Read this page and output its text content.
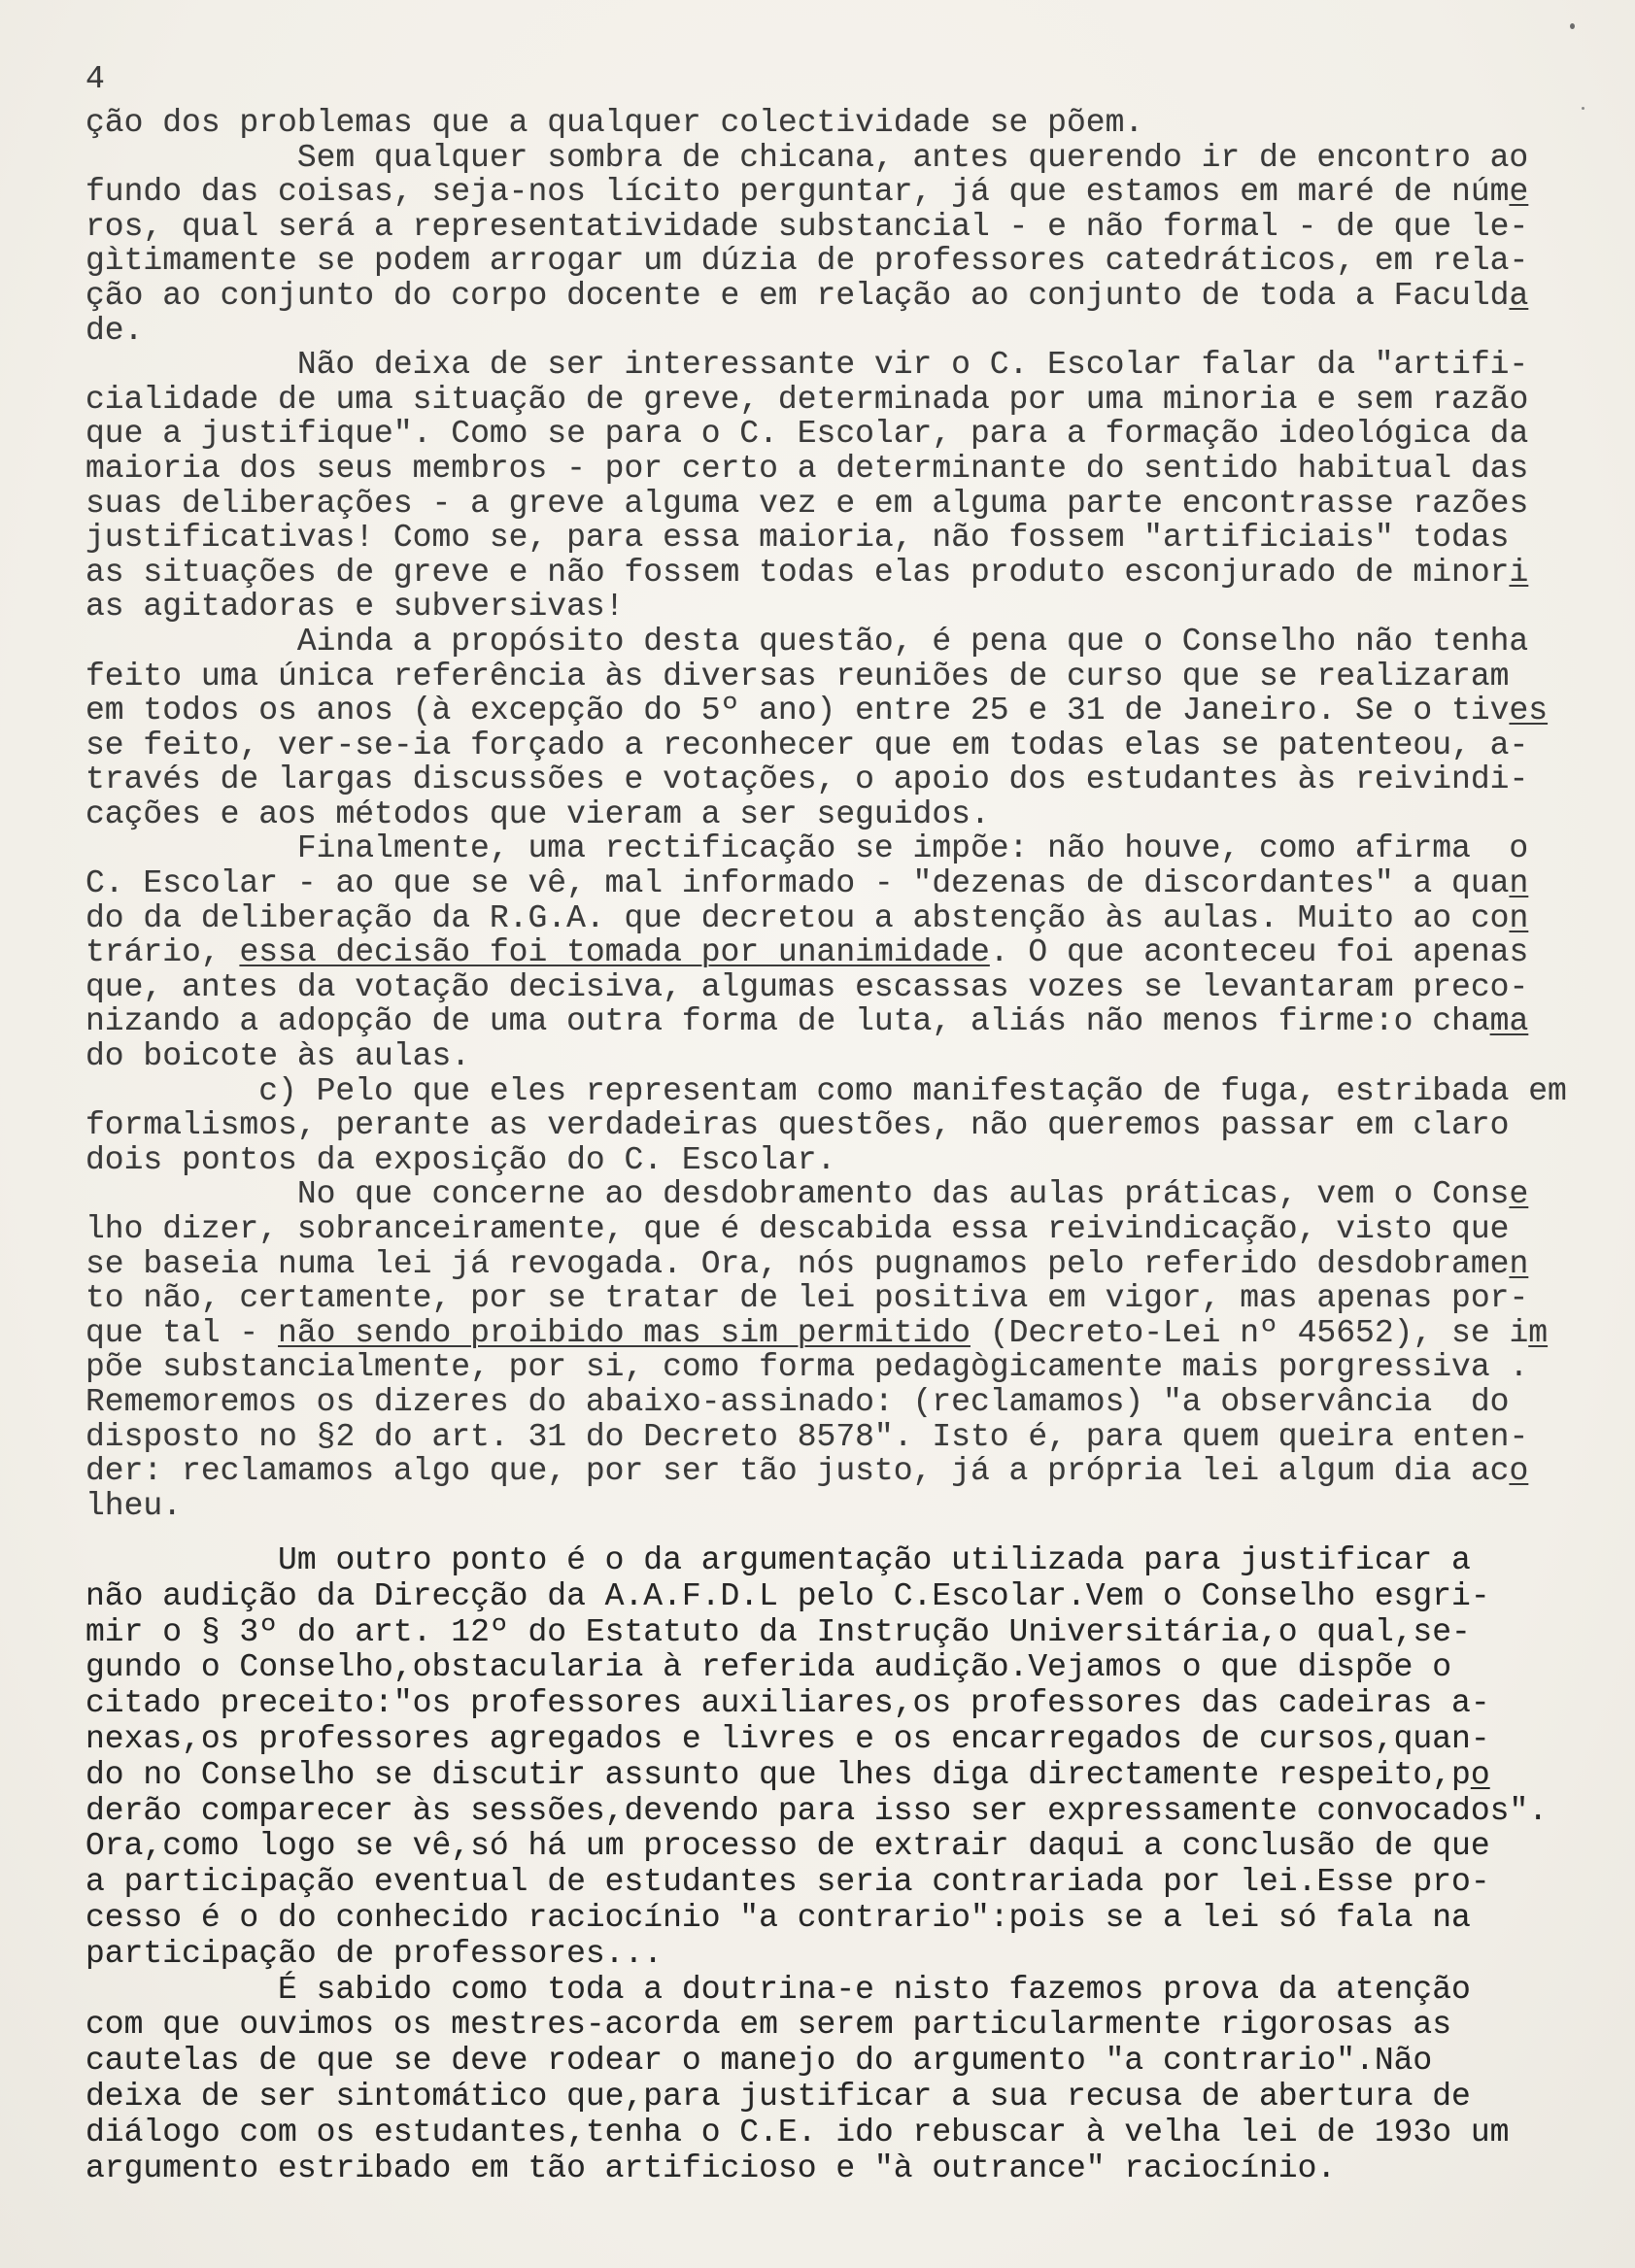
4
ção dos problemas que a qualquer colectividade se põem.
Sem qualquer sombra de chicana, antes querendo ir de encontro ao
fundo das coisas, seja-nos lícito perguntar, já que estamos em maré de núme
ros, qual será a representatividade substancial - e não formal - de que le-
gìtimamente se podem arrogar um dúzia de professores catedráticos, em rela-
ção ao conjunto do corpo docente e em relação ao conjunto de toda a Faculda
de.
Não deixa de ser interessante vir o C. Escolar falar da "artifi-
cialidade de uma situação de greve, determinada por uma minoria e sem razão
que a justifique". Como se para o C. Escolar, para a formação ideológica da
maioria dos seus membros - por certo a determinante do sentido habitual das
suas deliberações - a greve alguma vez e em alguma parte encontrasse razões
justificativas! Como se, para essa maioria, não fossem "artificiais" todas
as situações de greve e não fossem todas elas produto esconjurado de minori
as agitadoras e subversivas!
Ainda a propósito desta questão, é pena que o Conselho não tenha
feito uma única referência às diversas reuniões de curso que se realizaram
em todos os anos (à excepção do 5º ano) entre 25 e 31 de Janeiro. Se o tives
se feito, ver-se-ia forçado a reconhecer que em todas elas se patenteou, a-
través de largas discussões e votações, o apoio dos estudantes às reivindi-
cações e aos métodos que vieram a ser seguidos.
Finalmente, uma rectificação se impõe: não houve, como afirma  o
C. Escolar - ao que se vê, mal informado - "dezenas de discordantes" a quan
do da deliberação da R.G.A. que decretou a abstenção às aulas. Muito ao con
trário, essa decisão foi tomada por unanimidade. O que aconteceu foi apenas
que, antes da votação decisiva, algumas escassas vozes se levantaram preco-
nizando a adopção de uma outra forma de luta, aliás não menos firme:o chama
do boicote às aulas.
c) Pelo que eles representam como manifestação de fuga, estribada em
formalismos, perante as verdadeiras questões, não queremos passar em claro
dois pontos da exposição do C. Escolar.
No que concerne ao desdobramento das aulas práticas, vem o Conse
lho dizer, sobranceiramente, que é descabida essa reivindicação, visto que
se baseia numa lei já revogada. Ora, nós pugnamos pelo referido desdobramen
to não, certamente, por se tratar de lei positiva em vigor, mas apenas por-
que tal - não sendo proibido mas sim permitido (Decreto-Lei nº 45652), se im
põe substancialmente, por si, como forma pedagògicamente mais porgressiva .
Rememoremos os dizeres do abaixo-assinado: (reclamamos) "a observância  do
disposto no §2 do art. 31 do Decreto 8578". Isto é, para quem queira enten-
der: reclamamos algo que, por ser tão justo, já a própria lei algum dia aco
lheu.
Um outro ponto é o da argumentação utilizada para justificar a
não audição da Direcção da A.A.F.D.L pelo C.Escolar.Vem o Conselho esgri-
mir o § 3º do art. 12º do Estatuto da Instrução Universitária,o qual,se-
gundo o Conselho,obstacularia à referida audição.Vejamos o que dispõe o
citado preceito:"os professores auxiliares,os professores das cadeiras a-
nexas,os professores agregados e livres e os encarregados de cursos,quan-
do no Conselho se discutir assunto que lhes diga directamente respeito,po
derão comparecer às sessões,devendo para isso ser expressamente convocados".
Ora,como logo se vê,só há um processo de extrair daqui a conclusão de que
a participação eventual de estudantes seria contrariada por lei.Esse pro-
cesso é o do conhecido raciocínio "a contrario":pois se a lei só fala na
participação de professores...
É sabido como toda a doutrina-e nisto fazemos prova da atenção
com que ouvimos os mestres-acorda em serem particularmente rigorosas as
cautelas de que se deve rodear o manejo do argumento "a contrario".Não
deixa de ser sintomático que,para justificar a sua recusa de abertura de
diálogo com os estudantes,tenha o C.E. ido rebuscar à velha lei de 193o um
argumento estribado em tão artificioso e "à outrance" raciocínio.
